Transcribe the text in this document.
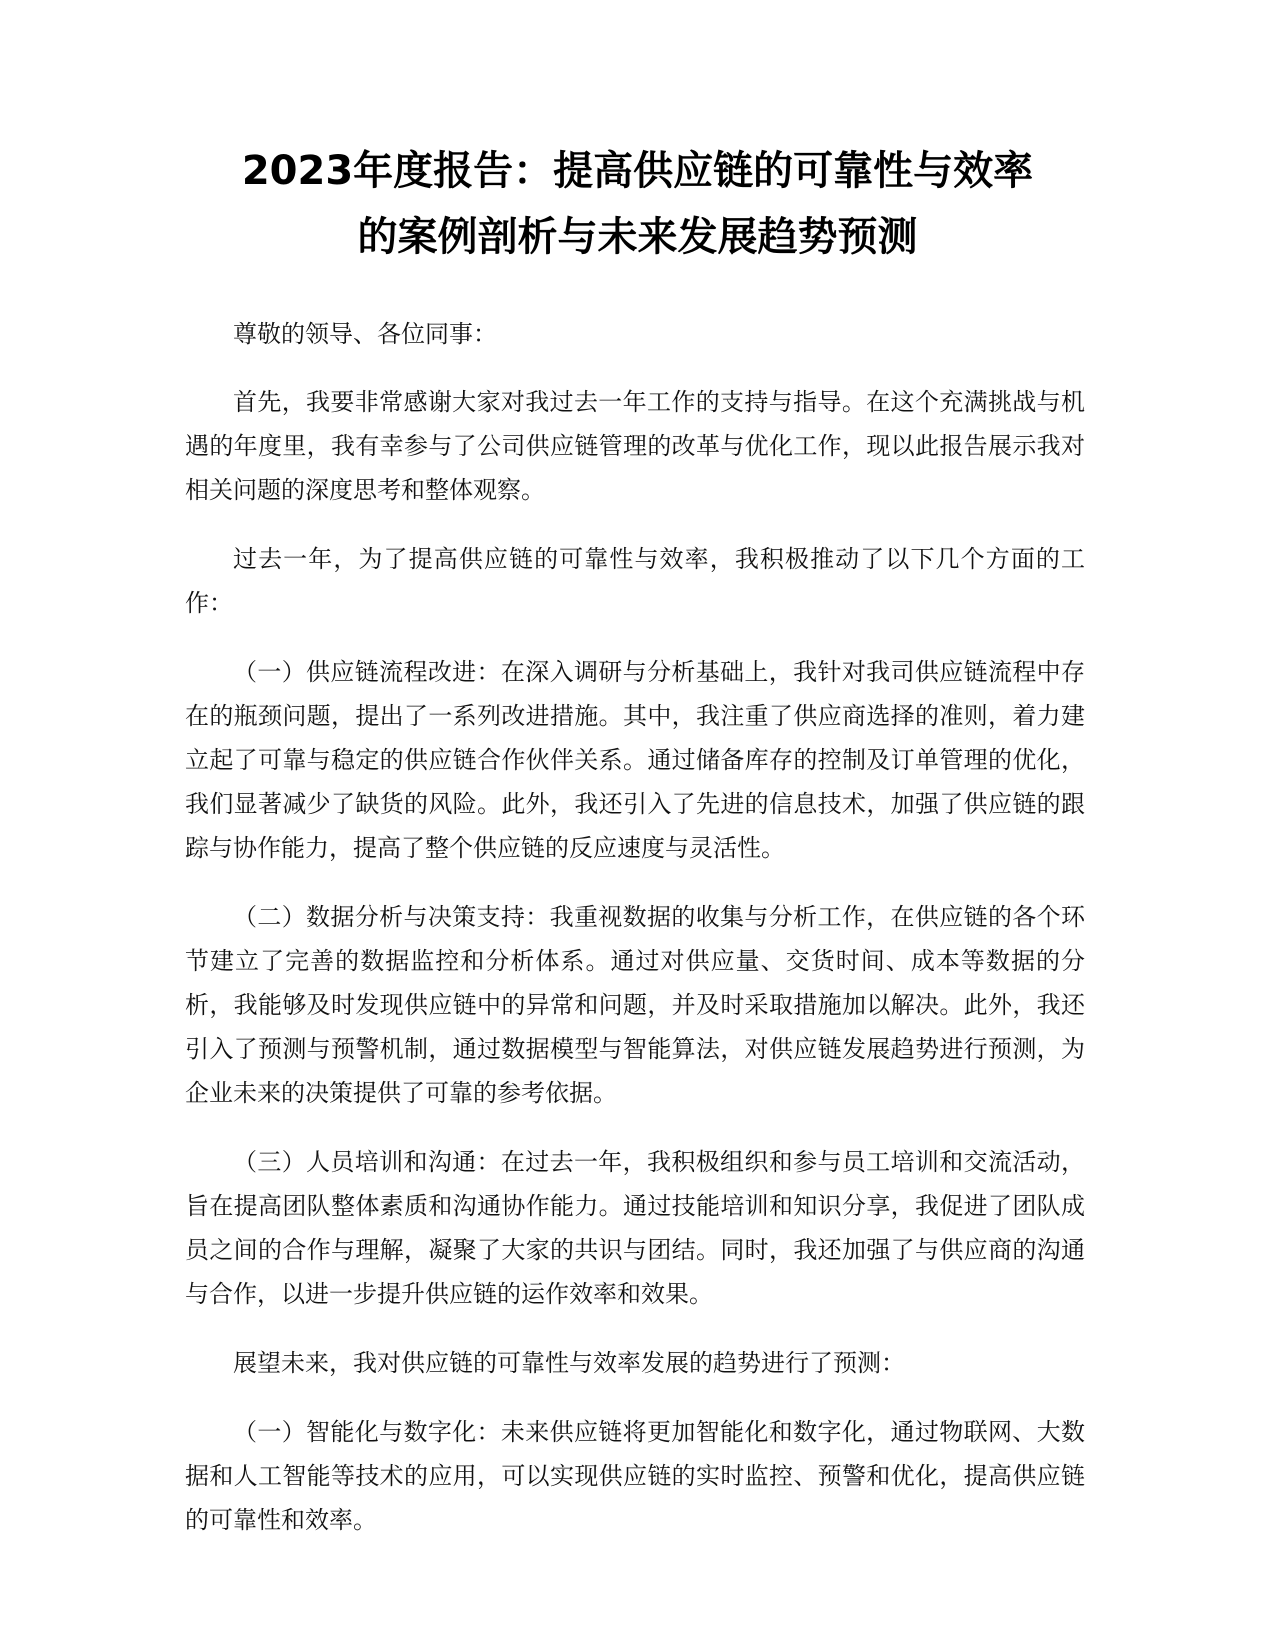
2023年度报告：提高供应链的可靠性与效率
的案例剖析与未来发展趋势预测

尊敬的领导、各位同事：

首先，我要非常感谢大家对我过去一年工作的支持与指导。在这个充满挑战与机遇的年度里，我有幸参与了公司供应链管理的改革与优化工作，现以此报告展示我对相关问题的深度思考和整体观察。

过去一年，为了提高供应链的可靠性与效率，我积极推动了以下几个方面的工作：

（一）供应链流程改进：在深入调研与分析基础上，我针对我司供应链流程中存在的瓶颈问题，提出了一系列改进措施。其中，我注重了供应商选择的准则，着力建立起了可靠与稳定的供应链合作伙伴关系。通过储备库存的控制及订单管理的优化，我们显著减少了缺货的风险。此外，我还引入了先进的信息技术，加强了供应链的跟踪与协作能力，提高了整个供应链的反应速度与灵活性。

（二）数据分析与决策支持：我重视数据的收集与分析工作，在供应链的各个环节建立了完善的数据监控和分析体系。通过对供应量、交货时间、成本等数据的分析，我能够及时发现供应链中的异常和问题，并及时采取措施加以解决。此外，我还引入了预测与预警机制，通过数据模型与智能算法，对供应链发展趋势进行预测，为企业未来的决策提供了可靠的参考依据。

（三）人员培训和沟通：在过去一年，我积极组织和参与员工培训和交流活动，旨在提高团队整体素质和沟通协作能力。通过技能培训和知识分享，我促进了团队成员之间的合作与理解，凝聚了大家的共识与团结。同时，我还加强了与供应商的沟通与合作，以进一步提升供应链的运作效率和效果。

展望未来，我对供应链的可靠性与效率发展的趋势进行了预测：

（一）智能化与数字化：未来供应链将更加智能化和数字化，通过物联网、大数据和人工智能等技术的应用，可以实现供应链的实时监控、预警和优化，提高供应链的可靠性和效率。
